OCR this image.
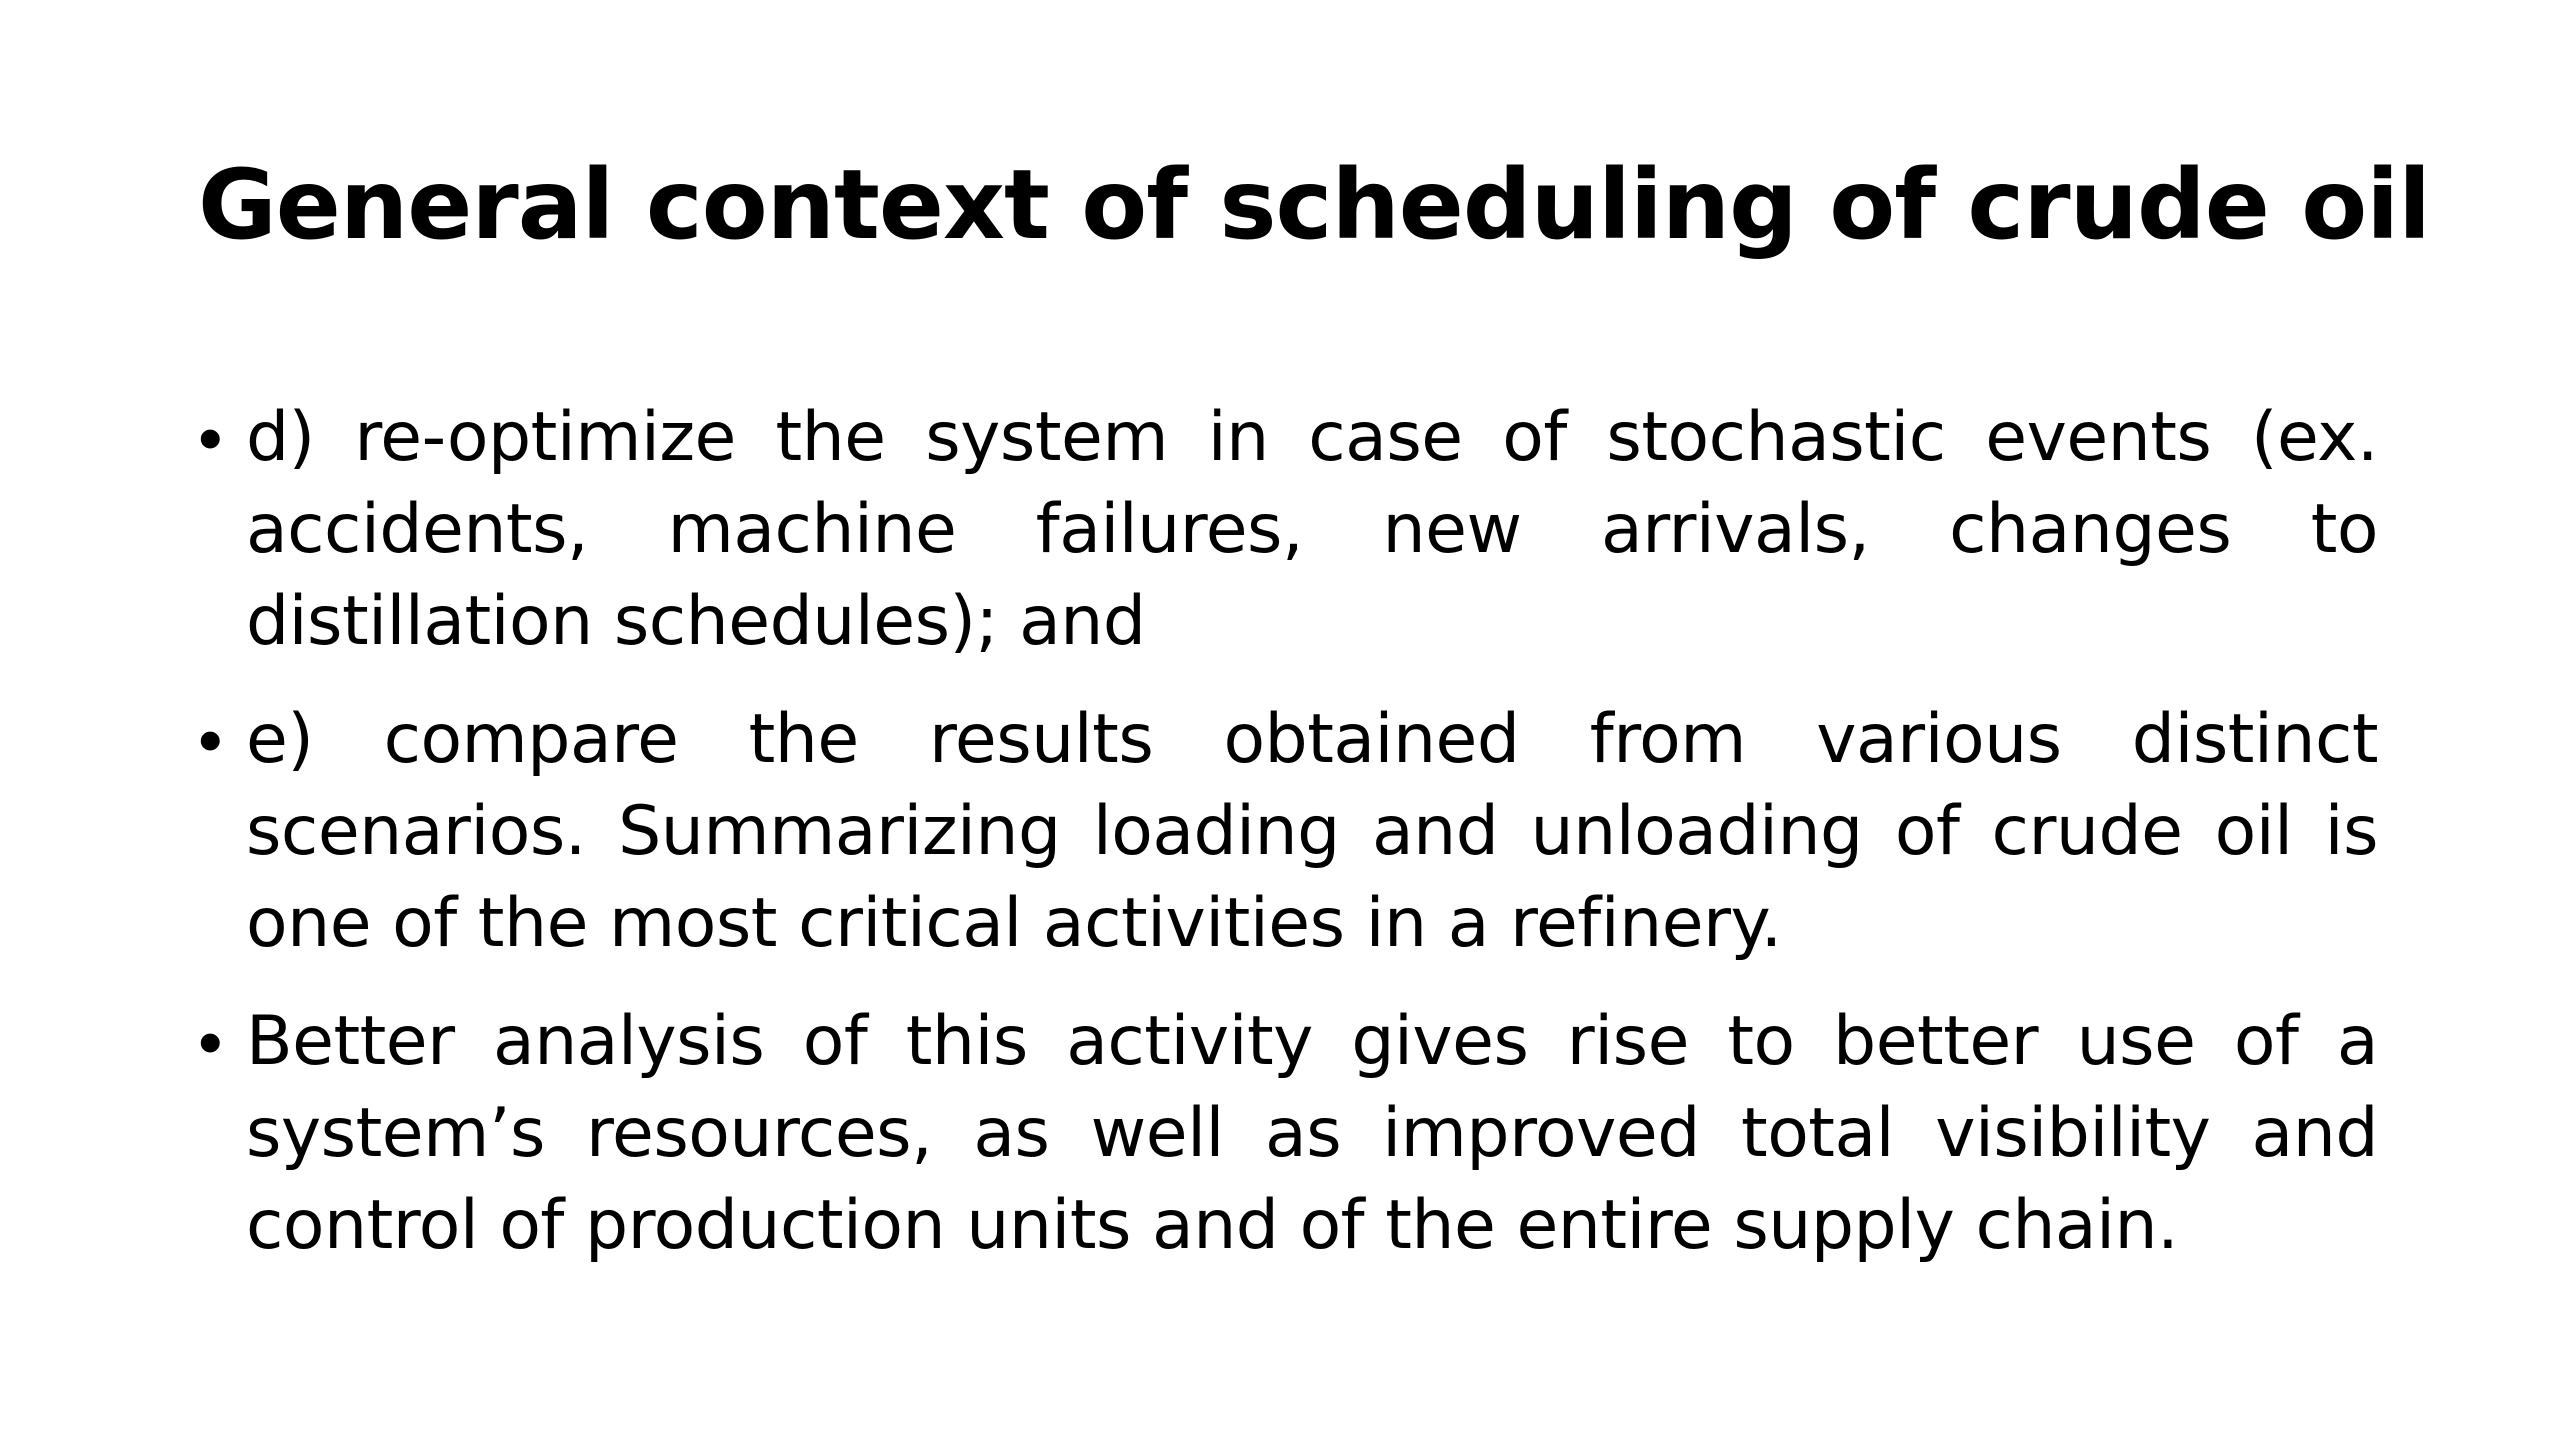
General context of scheduling of crude oil
• d) re-optimize the system in case of stochastic events (ex. accidents, machine failures, new arrivals, changes to distillation schedules); and
• e) compare the results obtained from various distinct scenarios. Summarizing loading and unloading of crude oil is one of the most critical activities in a refinery.
• Better analysis of this activity gives rise to better use of a system’s resources, as well as improved total visibility and control of production units and of the entire supply chain.
